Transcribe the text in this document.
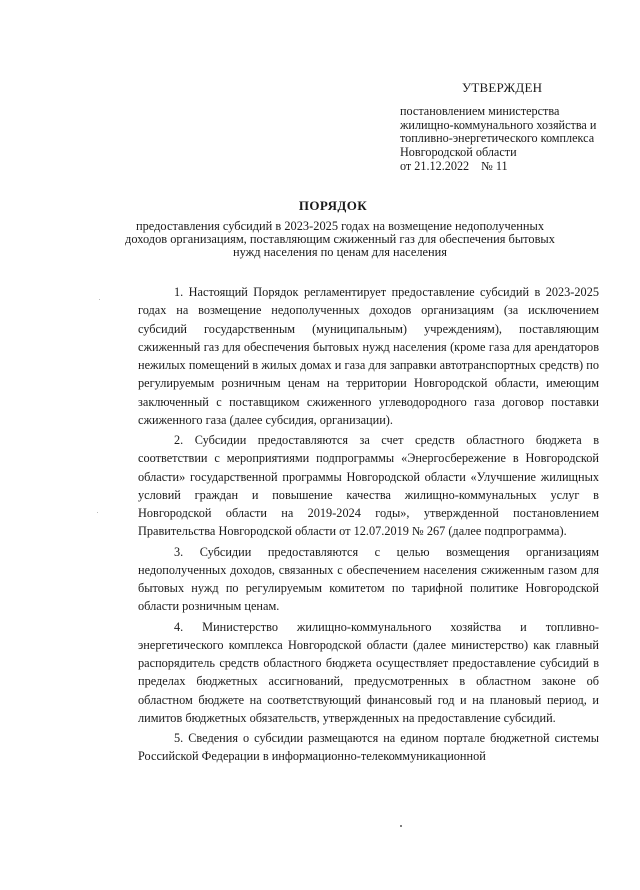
УТВЕРЖДЕН
постановлением министерства жилищно-коммунального хозяйства и топливно-энергетического комплекса Новгородской области
от 21.12.2022 № 11
ПОРЯДОК
предоставления субсидий в 2023-2025 годах на возмещение недополученных доходов организациям, поставляющим сжиженный газ для обеспечения бытовых нужд населения по ценам для населения

1. Настоящий Порядок регламентирует предоставление субсидий в 2023-2025 годах на возмещение недополученных доходов организациям (за исключением субсидий государственным (муниципальным) учреждениям), поставляющим сжиженный газ для обеспечения бытовых нужд населения (кроме газа для арендаторов нежилых помещений в жилых домах и газа для заправки автотранспортных средств) по регулируемым розничным ценам на территории Новгородской области, имеющим заключенный с поставщиком сжиженного углеводородного газа договор поставки сжиженного газа (далее субсидия, организации).

2. Субсидии предоставляются за счет средств областного бюджета в соответствии с мероприятиями подпрограммы «Энергосбережение в Новгородской области» государственной программы Новгородской области «Улучшение жилищных условий граждан и повышение качества жилищно-коммунальных услуг в Новгородской области на 2019-2024 годы», утвержденной постановлением Правительства Новгородской области от 12.07.2019 № 267 (далее подпрограмма).

3. Субсидии предоставляются с целью возмещения организациям недополученных доходов, связанных с обеспечением населения сжиженным газом для бытовых нужд по регулируемым комитетом по тарифной политике Новгородской области розничным ценам.

4. Министерство жилищно-коммунального хозяйства и топливно-энергетического комплекса Новгородской области (далее министерство) как главный распорядитель средств областного бюджета осуществляет предоставление субсидий в пределах бюджетных ассигнований, предусмотренных в областном законе об областном бюджете на соответствующий финансовый год и на плановый период, и лимитов бюджетных обязательств, утвержденных на предоставление субсидий.

5. Сведения о субсидии размещаются на едином портале бюджетной системы Российской Федерации в информационно-телекоммуникационной
